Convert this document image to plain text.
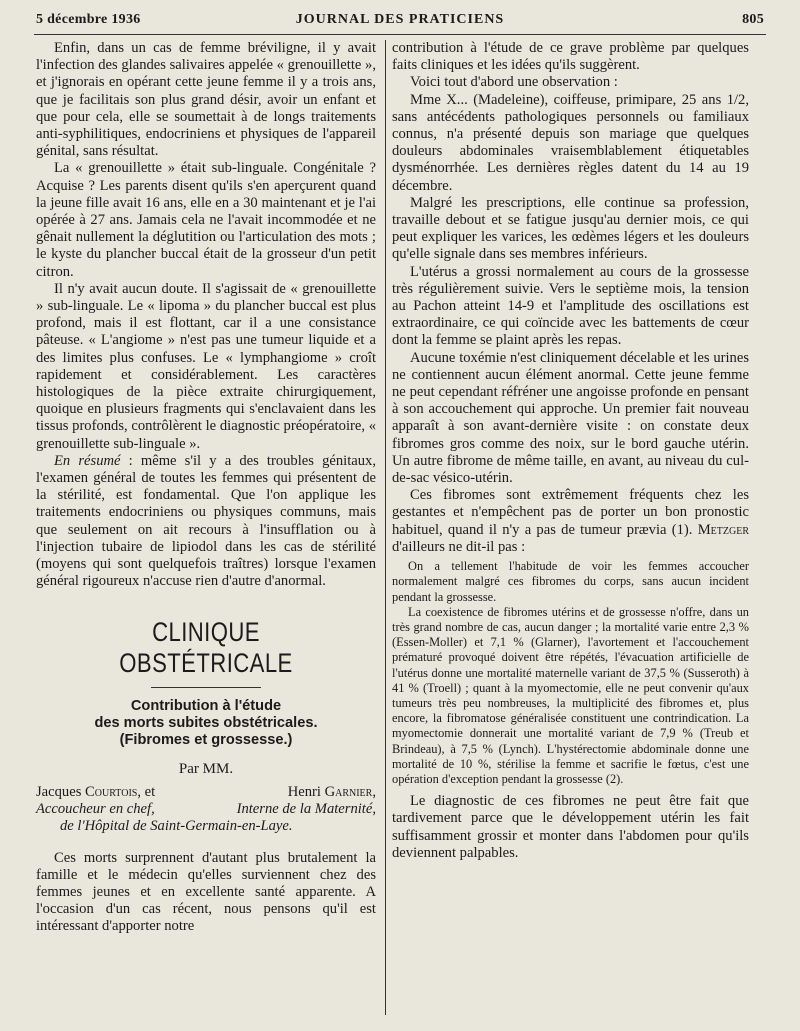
5 décembre 1936	JOURNAL DES PRATICIENS	805

Enfin, dans un cas de femme bréviligne, il y avait l'infection des glandes salivaires appelée « grenouillette », et j'ignorais en opérant cette jeune femme il y a trois ans, que je facilitais son plus grand désir, avoir un enfant et que pour cela, elle se soumettait à de longs traitements anti-syphilitiques, endocriniens et physiques de l'appareil génital, sans résultat.

La « grenouillette » était sub-linguale. Congénitale ? Acquise ? Les parents disent qu'ils s'en aperçurent quand la jeune fille avait 16 ans, elle en a 30 maintenant et je l'ai opérée à 27 ans. Jamais cela ne l'avait incommodée et ne gênait nullement la déglutition ou l'articulation des mots ; le kyste du plancher buccal était de la grosseur d'un petit citron.

Il n'y avait aucun doute. Il s'agissait de « grenouillette » sub-linguale. Le « lipoma » du plancher buccal est plus profond, mais il est flottant, car il a une consistance pâteuse. « L'angiome » n'est pas une tumeur liquide et a des limites plus confuses. Le « lymphangiome » croît rapidement et considérablement. Les caractères histologiques de la pièce extraite chirurgiquement, quoique en plusieurs fragments qui s'enclavaient dans les tissus profonds, contrôlèrent le diagnostic préopératoire, « grenouillette sub-linguale ».

En résumé : même s'il y a des troubles génitaux, l'examen général de toutes les femmes qui présentent de la stérilité, est fondamental. Que l'on applique les traitements endocriniens ou physiques communs, mais que seulement on ait recours à l'insufflation ou à l'injection tubaire de lipiodol dans les cas de stérilité (moyens qui sont quelquefois traîtres) lorsque l'examen général rigoureux n'accuse rien d'autre d'anormal.

CLINIQUE OBSTÉTRICALE
Contribution à l'étude
des morts subites obstétricales.
(Fibromes et grossesse.)
Par MM.
Jacques Courtois, et	Henri Garnier,
Accoucheur en chef,	Interne de la Maternité,
de l'Hôpital de Saint-Germain-en-Laye.

Ces morts surprennent d'autant plus brutalement la famille et le médecin qu'elles surviennent chez des femmes jeunes et en excellente santé apparente. A l'occasion d'un cas récent, nous pensons qu'il est intéressant d'apporter notre

contribution à l'étude de ce grave problème par quelques faits cliniques et les idées qu'ils suggèrent.

Voici tout d'abord une observation :

Mme X... (Madeleine), coiffeuse, primipare, 25 ans 1/2, sans antécédents pathologiques personnels ou familiaux connus, n'a présenté depuis son mariage que quelques douleurs abdominales vraisemblablement étiquetables dysménorrhée. Les dernières règles datent du 14 au 19 décembre.

Malgré les prescriptions, elle continue sa profession, travaille debout et se fatigue jusqu'au dernier mois, ce qui peut expliquer les varices, les œdèmes légers et les douleurs qu'elle signale dans ses membres inférieurs.

L'utérus a grossi normalement au cours de la grossesse très régulièrement suivie. Vers le septième mois, la tension au Pachon atteint 14-9 et l'amplitude des oscillations est extraordinaire, ce qui coïncide avec les battements de cœur dont la femme se plaint après les repas.

Aucune toxémie n'est cliniquement décelable et les urines ne contiennent aucun élément anormal. Cette jeune femme ne peut cependant réfréner une angoisse profonde en pensant à son accouchement qui approche. Un premier fait nouveau apparaît à son avant-dernière visite : on constate deux fibromes gros comme des noix, sur le bord gauche utérin. Un autre fibrome de même taille, en avant, au niveau du cul-de-sac vésico-utérin.

Ces fibromes sont extrêmement fréquents chez les gestantes et n'empêchent pas de porter un bon pronostic habituel, quand il n'y a pas de tumeur prævia (1). Metzger d'ailleurs ne dit-il pas :

On a tellement l'habitude de voir les femmes accoucher normalement malgré ces fibromes du corps, sans aucun incident pendant la grossesse.

La coexistence de fibromes utérins et de grossesse n'offre, dans un très grand nombre de cas, aucun danger ; la mortalité varie entre 2,3 % (Essen-Moller) et 7,1 % (Glarner), l'avortement et l'accouchement prématuré provoqué doivent être répétés, l'évacuation artificielle de l'utérus donne une mortalité maternelle variant de 37,5 % (Susseroth) à 41 % (Troell) ; quant à la myomectomie, elle ne peut convenir qu'aux tumeurs très peu nombreuses, la multiplicité des fibromes et, plus encore, la fibromatose généralisée constituent une contrindication. La myomectomie donnerait une mortalité variant de 7,9 % (Treub et Brindeau), à 7,5 % (Lynch). L'hystérectomie abdominale donne une mortalité de 10 %, stérilise la femme et sacrifie le fœtus, c'est une opération d'exception pendant la grossesse (2).

Le diagnostic de ces fibromes ne peut être fait que tardivement parce que le développement utérin les fait suffisamment grossir et monter dans l'abdomen pour qu'ils deviennent palpables.
